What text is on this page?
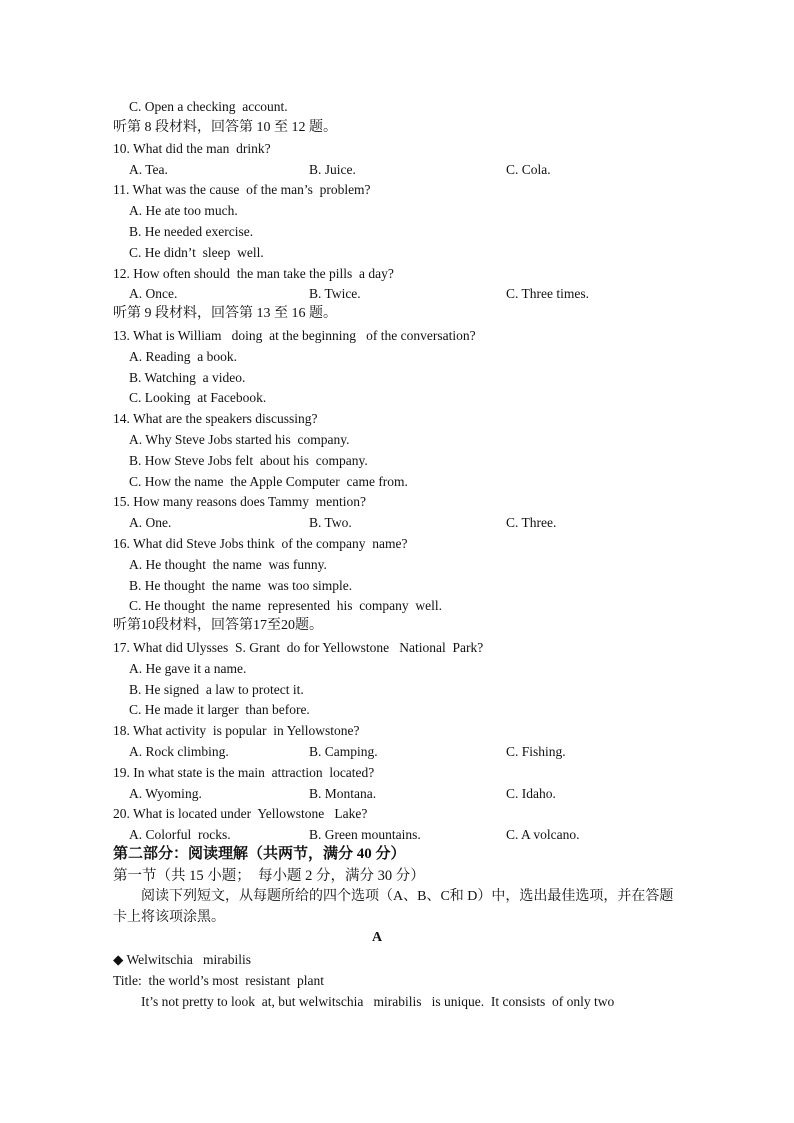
C. Open a checking  account.
听第 8 段材料，回答第 10 至 12 题。
10. What did the man  drink?
A. Tea.	B. Juice.	C. Cola.
11. What was the cause  of the man’s  problem?
A. He ate too much.
B. He needed exercise.
C. He didn’t  sleep  well.
12. How often should  the man take the pills  a day?
A. Once.	B. Twice.	C. Three times.
听第 9 段材料，回答第 13 至 16 题。
13. What is William   doing  at the beginning   of the conversation?
A. Reading  a book.
B. Watching  a video.
C. Looking  at Facebook.
14. What are the speakers discussing?
A. Why Steve Jobs started his  company.
B. How Steve Jobs felt  about his  company.
C. How the name  the Apple Computer  came from.
15. How many reasons does Tammy  mention?
A. One.	B. Two.	C. Three.
16. What did Steve Jobs think  of the company  name?
A. He thought  the name  was funny.
B. He thought  the name  was too simple.
C. He thought  the name  represented  his  company  well.
听第10段材料，回答第17至20题。
17. What did Ulysses  S. Grant  do for Yellowstone   National  Park?
A. He gave it a name.
B. He signed  a law to protect it.
C. He made it larger  than before.
18. What activity  is popular  in Yellowstone?
A. Rock climbing.	B. Camping.	C. Fishing.
19. In what state is the main  attraction  located?
A. Wyoming.	B. Montana.	C. Idaho.
20. What is located under  Yellowstone   Lake?
A. Colorful  rocks.	B. Green mountains.	C. A volcano.
第二部分：阅读理解（共两节，满分 40 分）
第一节（共 15 小题；  每小题 2 分，满分 30 分）
阅读下列短文，从每题所给的四个选项（A、B、C和 D）中，选出最佳选项，并在答题卡上将该项涂黑。
A
◆ Welwitschia   mirabilis
Title:  the world’s most  resistant  plant
It’s not pretty to look  at, but welwitschia   mirabilis   is unique.  It consists  of only two
